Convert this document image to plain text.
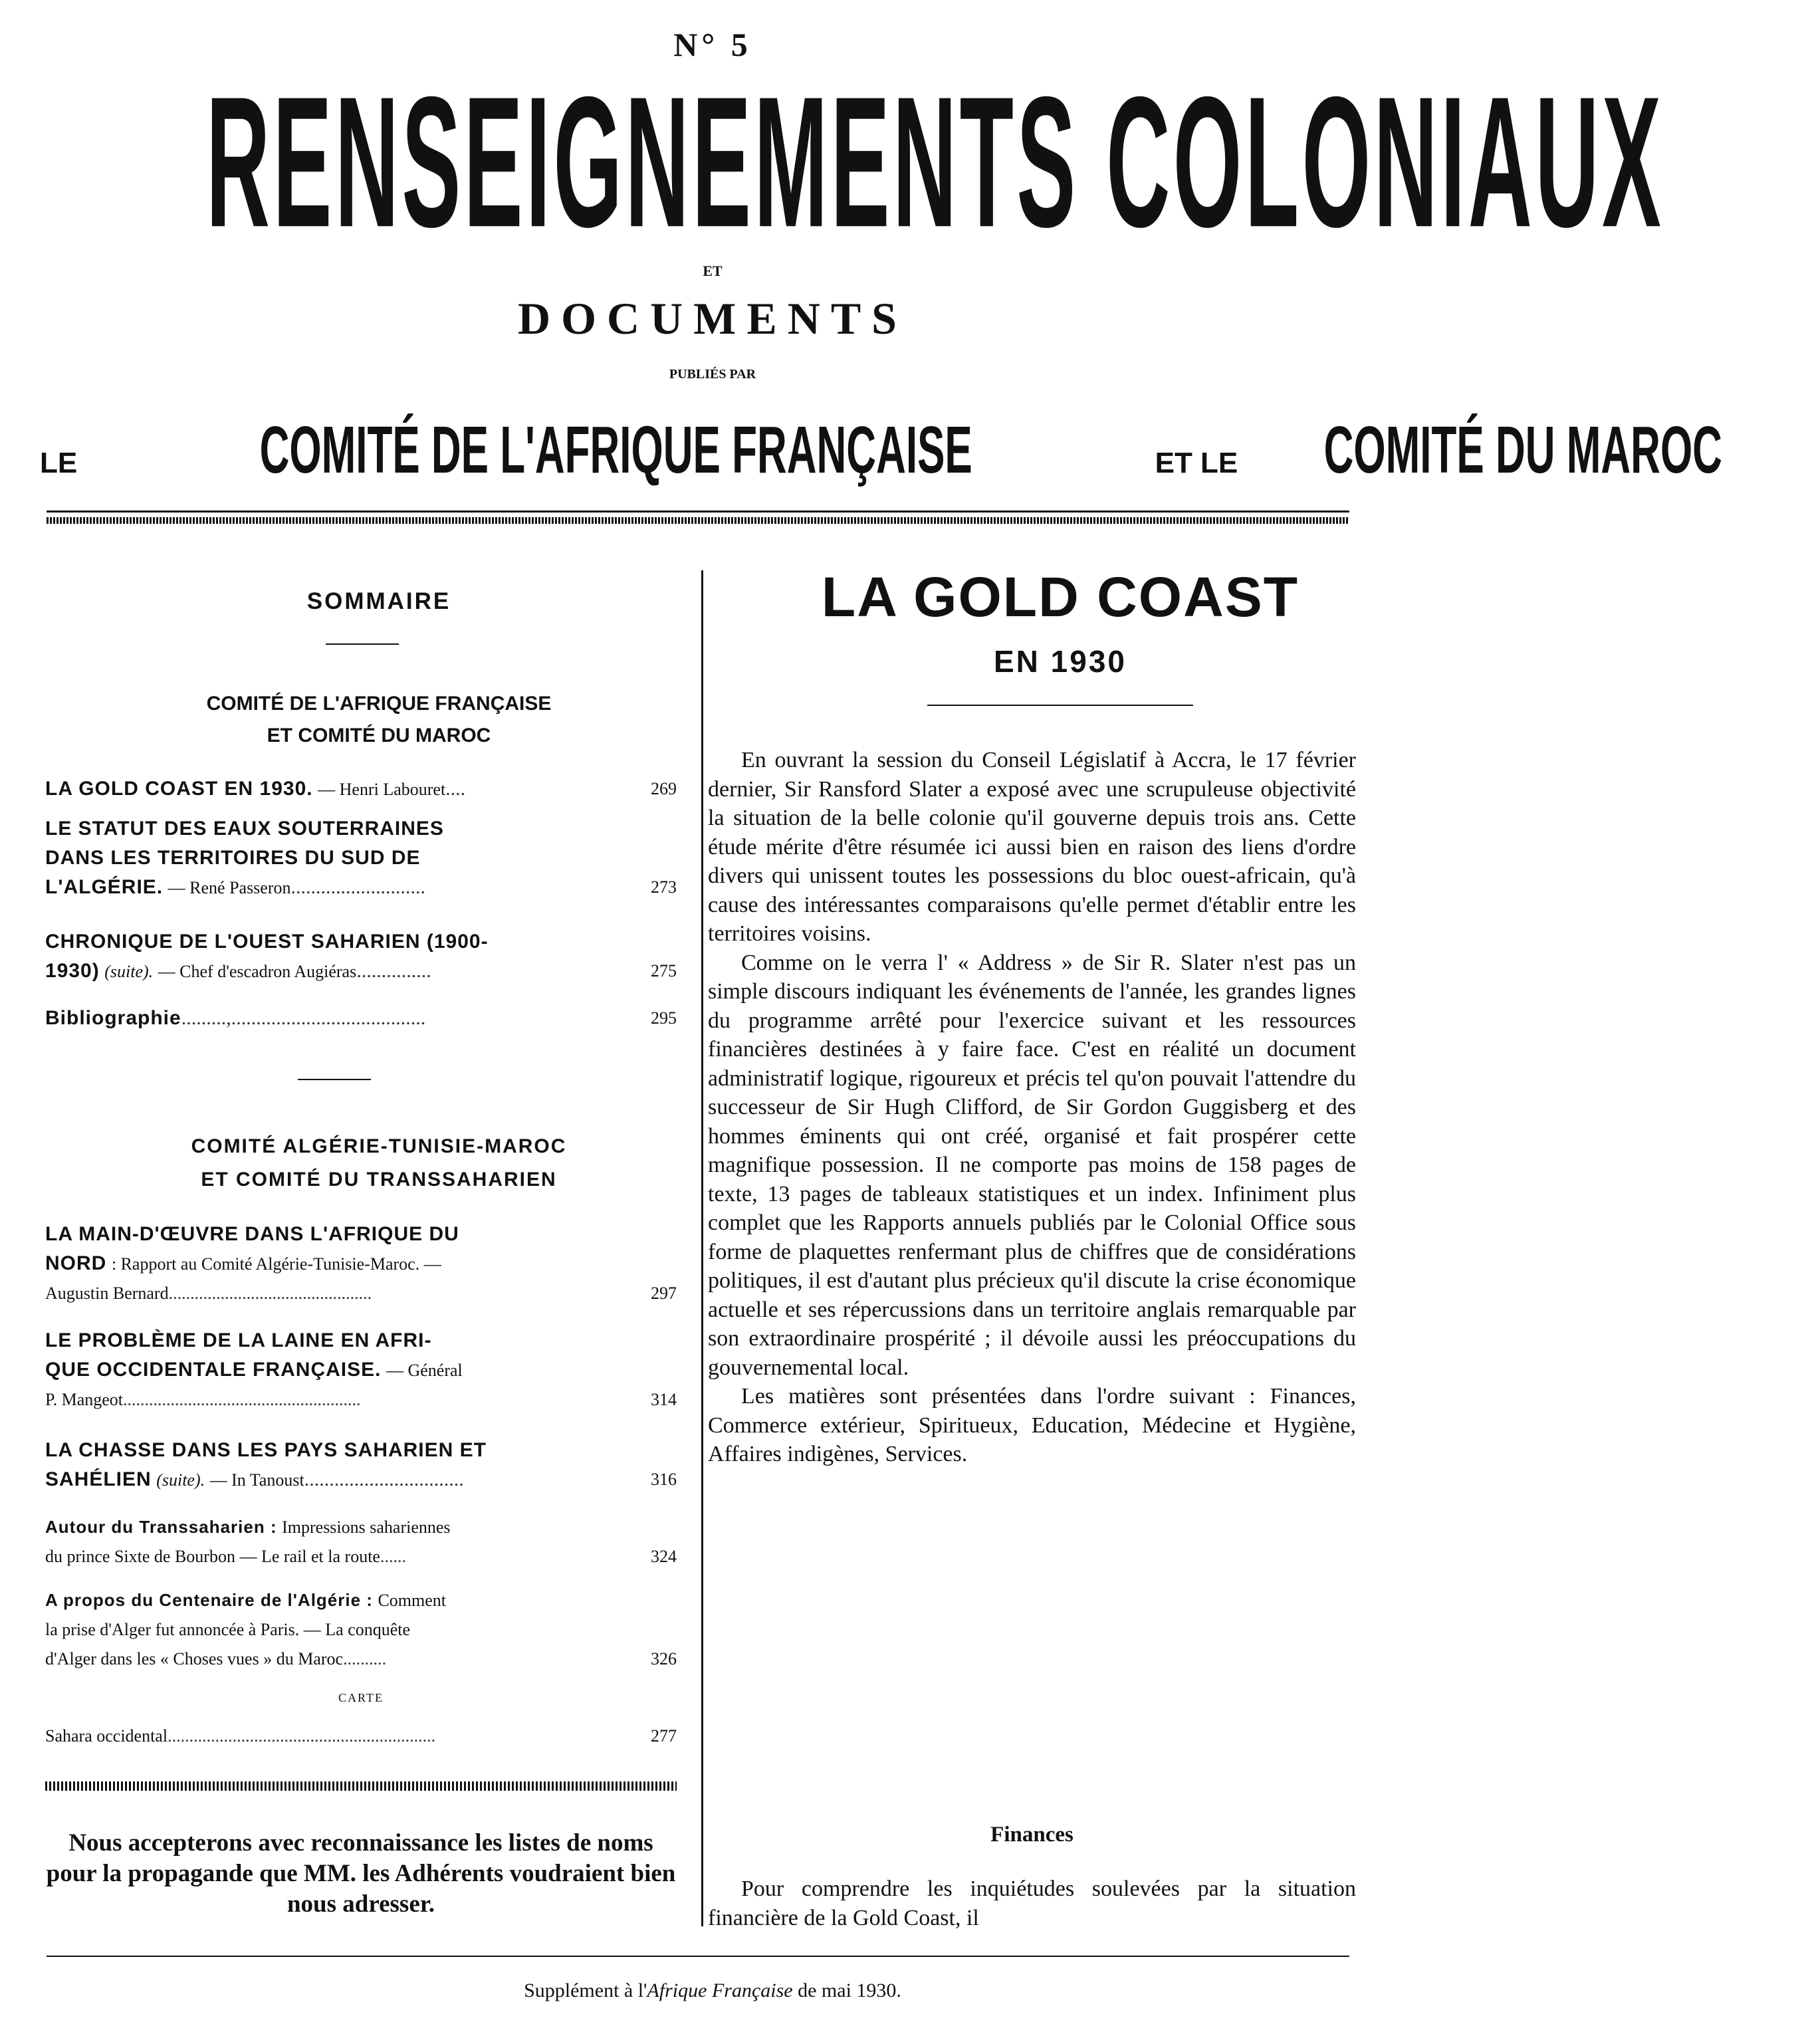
N° 5
RENSEIGNEMENTS COLONIAUX
ET
DOCUMENTS
PUBLIÉS PAR
LE	COMITÉ DE L'AFRIQUE FRANÇAISE	ET LE COMITÉ DU MAROC
SOMMAIRE
COMITÉ DE L'AFRIQUE FRANÇAISE
ET COMITÉ DU MAROC
LA GOLD COAST EN 1930. — Henri Labouret....	269
LE STATUT DES EAUX SOUTERRAINES
DANS LES TERRITOIRES DU SUD DE
L'ALGÉRIE. — René Passeron...........................	273
CHRONIQUE DE L'OUEST SAHARIEN (1900-
1930) (suite). — Chef d'escadron Augiéras...............	275
Bibliographie.........,.......................................	295
COMITÉ ALGÉRIE-TUNISIE-MAROC
ET COMITÉ DU TRANSSAHARIEN
LA MAIN-D'ŒUVRE DANS L'AFRIQUE DU
NORD : Rapport au Comité Algérie-Tunisie-Maroc. —
Augustin Bernard...............................................	297
LE PROBLÈME DE LA LAINE EN AFRI-
QUE OCCIDENTALE FRANÇAISE. — Général
P. Mangeot.......................................................	314
LA CHASSE DANS LES PAYS SAHARIEN ET
SAHÉLIEN (suite). — In Tanoust................................	316
Autour du Transsaharien : Impressions sahariennes
du prince Sixte de Bourbon — Le rail et la route......	324
A propos du Centenaire de l'Algérie : Comment
la prise d'Alger fut annoncée à Paris. — La conquête
d'Alger dans les « Choses vues » du Maroc..........	326
CARTE
Sahara occidental..............................................................	277
Nous accepterons avec reconnaissance les listes de noms pour la propagande que MM. les Adhérents voudraient bien nous adresser.
LA GOLD COAST
EN 1930

En ouvrant la session du Conseil Législatif à Accra, le 17 février dernier, Sir Ransford Slater a exposé avec une scrupuleuse objectivité la situation de la belle colonie qu'il gouverne depuis trois ans. Cette étude mérite d'être résumée ici aussi bien en raison des liens d'ordre divers qui unissent toutes les possessions du bloc ouest-africain, qu'à cause des intéressantes comparaisons qu'elle permet d'établir entre les territoires voisins.

Comme on le verra l' « Address » de Sir R. Slater n'est pas un simple discours indiquant les événements de l'année, les grandes lignes du programme arrêté pour l'exercice suivant et les ressources financières destinées à y faire face. C'est en réalité un document administratif logique, rigoureux et précis tel qu'on pouvait l'attendre du successeur de Sir Hugh Clifford, de Sir Gordon Guggisberg et des hommes éminents qui ont créé, organisé et fait prospérer cette magnifique possession. Il ne comporte pas moins de 158 pages de texte, 13 pages de tableaux statistiques et un index. Infiniment plus complet que les Rapports annuels publiés par le Colonial Office sous forme de plaquettes renfermant plus de chiffres que de considérations politiques, il est d'autant plus précieux qu'il discute la crise économique actuelle et ses répercussions dans un territoire anglais remarquable par son extraordinaire prospérité ; il dévoile aussi les préoccupations du gouvernemental local.

Les matières sont présentées dans l'ordre suivant : Finances, Commerce extérieur, Spiritueux, Education, Médecine et Hygiène, Affaires indigènes, Services.

Finances

Pour comprendre les inquiétudes soulevées par la situation financière de la Gold Coast, il

Supplément à l'Afrique Française de mai 1930.
